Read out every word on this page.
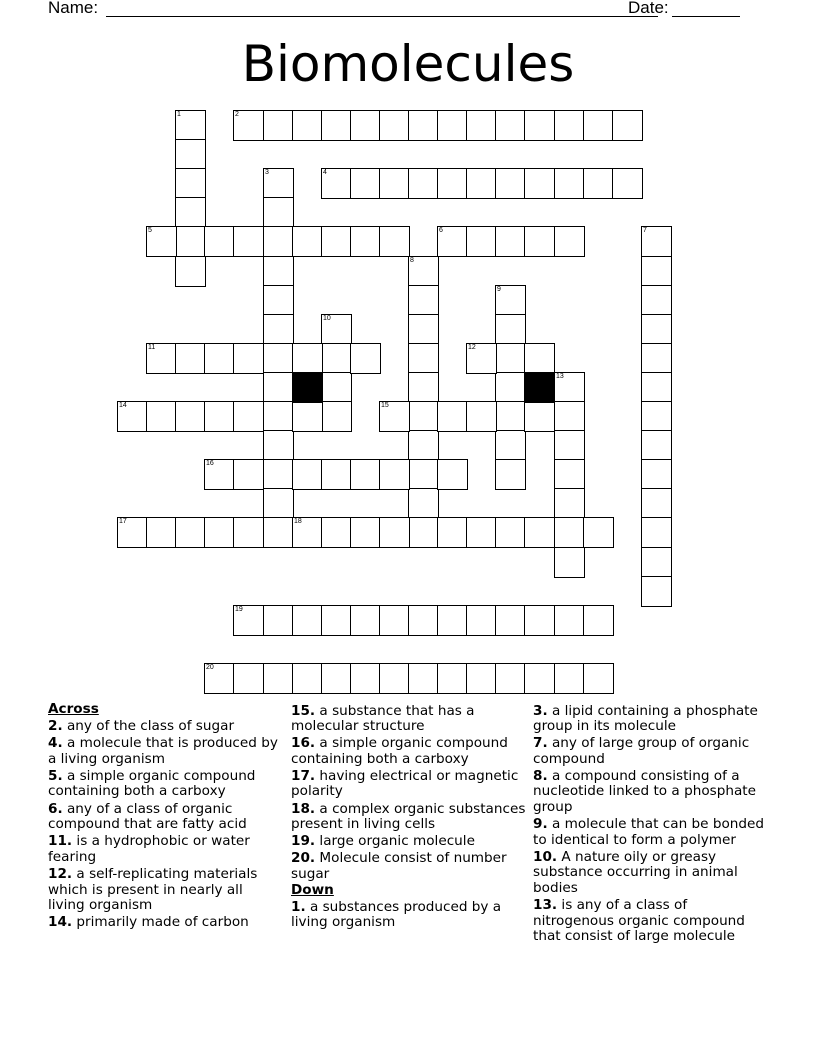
Name:	Date:
Biomolecules
1	2
3	4
5	6	7
8
9
10
11	12
13
14	15
16
17	18
19
20
Across
2. any of the class of sugar
4. a molecule that is produced by a living organism
5. a simple organic compound containing both a carboxy
6. any of a class of organic compound that are fatty acid
11. is a hydrophobic or water fearing
12. a self-replicating materials which is present in nearly all living organism
14. primarily made of carbon
15. a substance that has a molecular structure
16. a simple organic compound containing both a carboxy
17. having electrical or magnetic polarity
18. a complex organic substances present in living cells
19. large organic molecule
20. Molecule consist of number sugar
Down
1. a substances produced by a living organism
3. a lipid containing a phosphate group in its molecule
7. any of large group of organic compound
8. a compound consisting of a nucleotide linked to a phosphate group
9. a molecule that can be bonded to identical to form a polymer
10. A nature oily or greasy substance occurring in animal bodies
13. is any of a class of nitrogenous organic compound that consist of large molecule
